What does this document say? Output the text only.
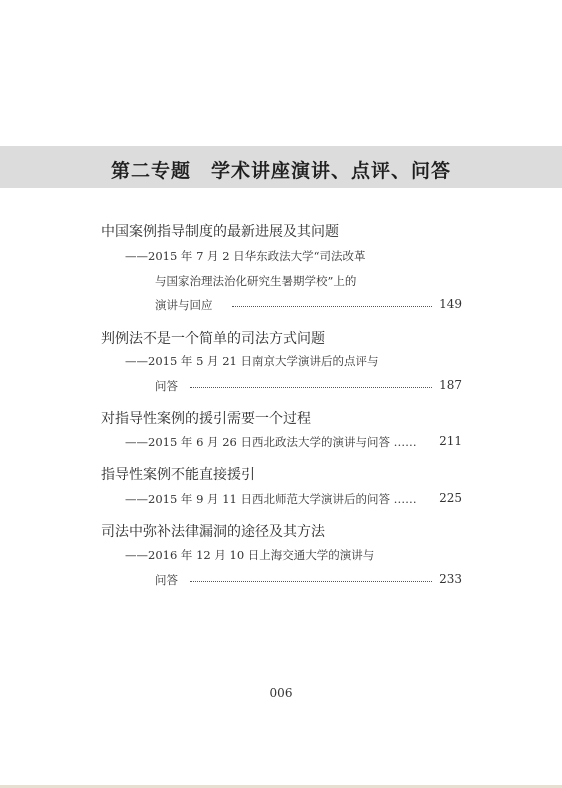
第二专题　学术讲座演讲、点评、问答
中国案例指导制度的最新进展及其问题
——2015 年 7 月 2 日华东政法大学“司法改革
与国家治理法治化研究生暑期学校”上的
演讲与回应	149
判例法不是一个简单的司法方式问题
——2015 年 5 月 21 日南京大学演讲后的点评与
问答	187
对指导性案例的援引需要一个过程
——2015 年 6 月 26 日西北政法大学的演讲与问答 ……	211
指导性案例不能直接援引
——2015 年 9 月 11 日西北师范大学演讲后的问答 ……	225
司法中弥补法律漏洞的途径及其方法
——2016 年 12 月 10 日上海交通大学的演讲与
问答	233
006
